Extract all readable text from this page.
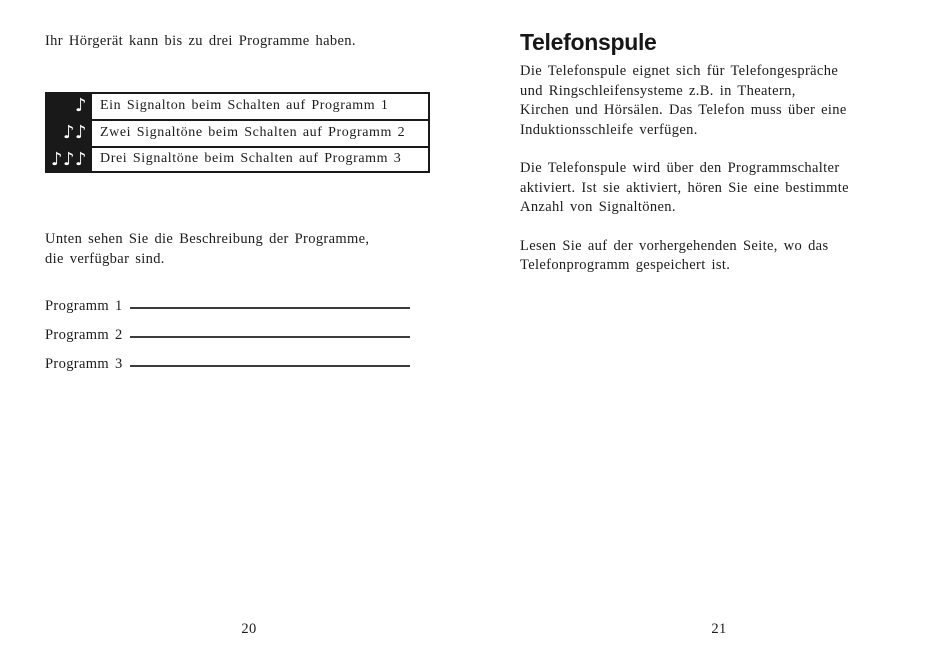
Ihr Hörgerät kann bis zu drei Programme haben.
♪
♪♪
♪♪♪
Ein Signalton beim Schalten auf Programm 1
Zwei Signaltöne beim Schalten auf Programm 2
Drei Signaltöne beim Schalten auf Programm 3
Unten sehen Sie die Beschreibung der Programme,
die verfügbar sind.
Programm 1
Programm 2
Programm 3
20
Telefonspule

Die Telefonspule eignet sich für Telefongespräche
und Ringschleifensysteme z.B. in Theatern,
Kirchen und Hörsälen. Das Telefon muss über eine
Induktionsschleife verfügen.

Die Telefonspule wird über den Programmschalter
aktiviert. Ist sie aktiviert, hören Sie eine bestimmte
Anzahl von Signaltönen.

Lesen Sie auf der vorhergehenden Seite, wo das
Telefonprogramm gespeichert ist.

21
